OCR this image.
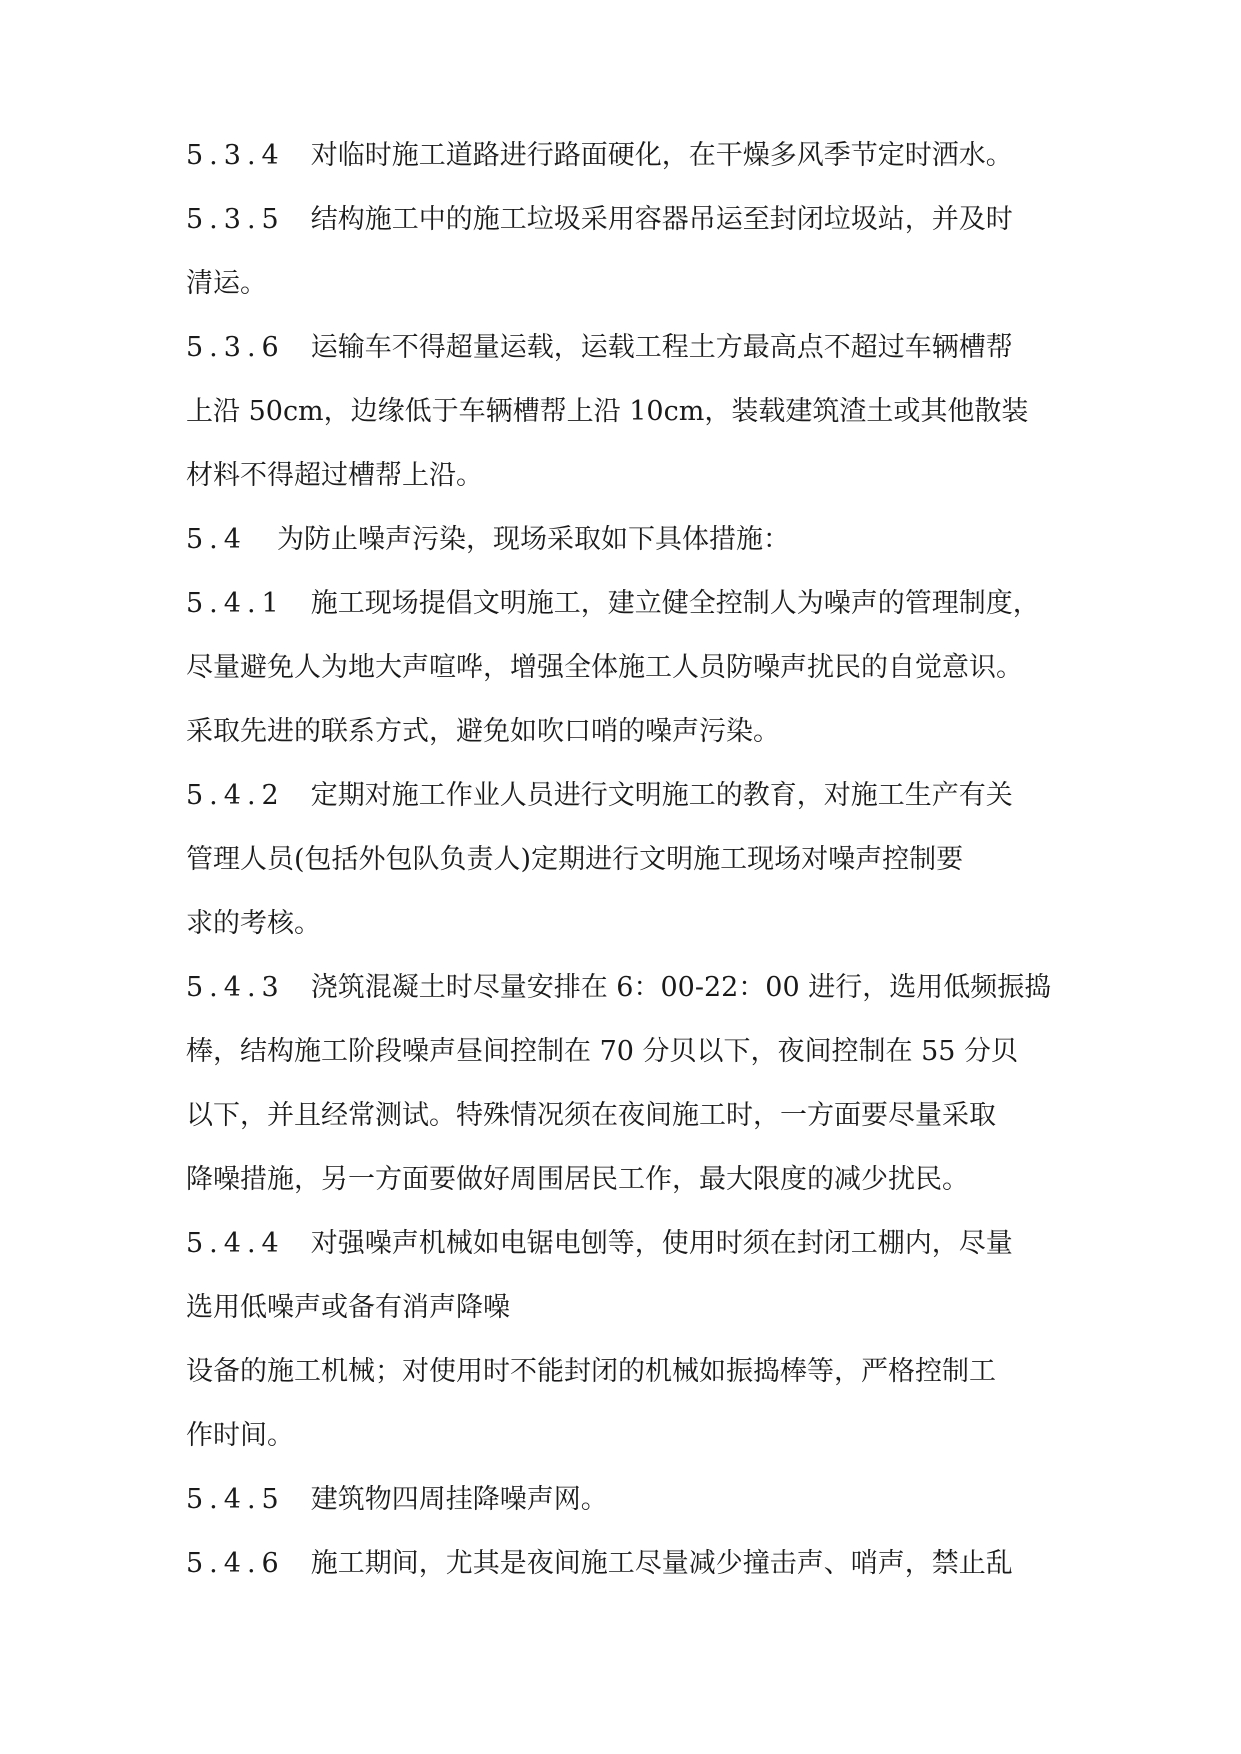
5.3.4 对临时施工道路进行路面硬化，在干燥多风季节定时洒水。
5.3.5 结构施工中的施工垃圾采用容器吊运至封闭垃圾站，并及时
清运。
5.3.6 运输车不得超量运载，运载工程土方最高点不超过车辆槽帮
上沿 50cm，边缘低于车辆槽帮上沿 10cm，装载建筑渣土或其他散装
材料不得超过槽帮上沿。
5.4 为防止噪声污染，现场采取如下具体措施：
5.4.1 施工现场提倡文明施工，建立健全控制人为噪声的管理制度，
尽量避免人为地大声喧哗，增强全体施工人员防噪声扰民的自觉意识。
采取先进的联系方式，避免如吹口哨的噪声污染。
5.4.2 定期对施工作业人员进行文明施工的教育，对施工生产有关
管理人员(包括外包队负责人)定期进行文明施工现场对噪声控制要
求的考核。
5.4.3 浇筑混凝土时尽量安排在 6：00-22：00 进行，选用低频振捣
棒，结构施工阶段噪声昼间控制在 70 分贝以下，夜间控制在 55 分贝
以下，并且经常测试。特殊情况须在夜间施工时，一方面要尽量采取
降噪措施，另一方面要做好周围居民工作，最大限度的减少扰民。
5.4.4 对强噪声机械如电锯电刨等，使用时须在封闭工棚内，尽量
选用低噪声或备有消声降噪
设备的施工机械；对使用时不能封闭的机械如振捣棒等，严格控制工
作时间。
5.4.5 建筑物四周挂降噪声网。
5.4.6 施工期间，尤其是夜间施工尽量减少撞击声、哨声，禁止乱
